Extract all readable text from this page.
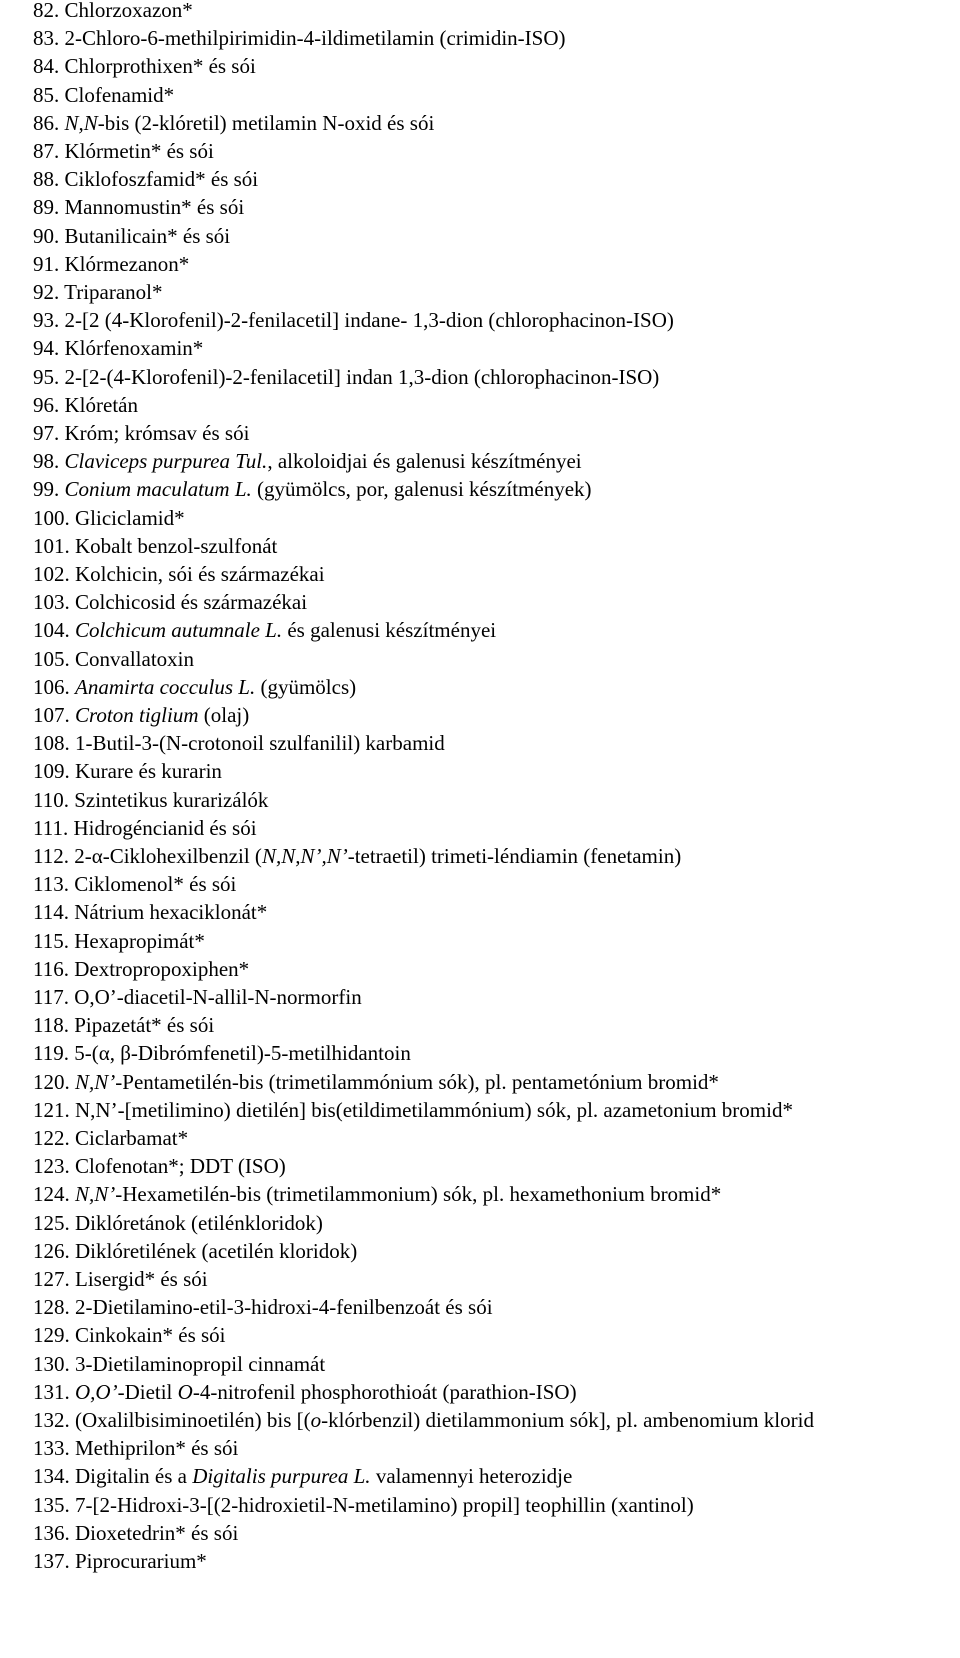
82. Chlorzoxazon*
83. 2-Chloro-6-methilpirimidin-4-ildimetilamin (crimidin-ISO)
84. Chlorprothixen* és sói
85. Clofenamid*
86. N,N-bis (2-klóretil) metilamin N-oxid és sói
87. Klórmetin* és sói
88. Ciklofoszfamid* és sói
89. Mannomustin* és sói
90. Butanilicain* és sói
91. Klórmezanon*
92. Triparanol*
93. 2-[2 (4-Klorofenil)-2-fenilacetil] indane- 1,3-dion (chlorophacinon-ISO)
94. Klórfenoxamin*
95. 2-[2-(4-Klorofenil)-2-fenilacetil] indan 1,3-dion (chlorophacinon-ISO)
96. Klóretán
97. Króm; krómsav és sói
98. Claviceps purpurea Tul., alkoloidjai és galenusi készítményei
99. Conium maculatum L. (gyümölcs, por, galenusi készítmények)
100. Gliciclamid*
101. Kobalt benzol-szulfonát
102. Kolchicin, sói és származékai
103. Colchicosid és származékai
104. Colchicum autumnale L. és galenusi készítményei
105. Convallatoxin
106. Anamirta cocculus L. (gyümölcs)
107. Croton tiglium (olaj)
108. 1-Butil-3-(N-crotonoil szulfanilil) karbamid
109. Kurare és kurarin
110. Szintetikus kurarizálók
111. Hidrogéncianid és sói
112. 2-α-Ciklohexilbenzil (N,N,N’,N’-tetraetil) trimeti-léndiamin (fenetamin)
113. Ciklomenol* és sói
114. Nátrium hexaciklonát*
115. Hexapropimát*
116. Dextropropoxiphen*
117. O,O’-diacetil-N-allil-N-normorfin
118. Pipazetát* és sói
119. 5-(α, β-Dibrómfenetil)-5-metilhidantoin
120. N,N’-Pentametilén-bis (trimetilammónium sók), pl. pentametónium bromid*
121. N,N’-[metilimino) dietilén] bis(etildimetilammónium) sók, pl. azametonium bromid*
122. Ciclarbamat*
123. Clofenotan*; DDT (ISO)
124. N,N’-Hexametilén-bis (trimetilammonium) sók, pl. hexamethonium bromid*
125. Diklóretánok (etilénkloridok)
126. Diklóretilének (acetilén kloridok)
127. Lisergid* és sói
128. 2-Dietilamino-etil-3-hidroxi-4-fenilbenzoát és sói
129. Cinkokain* és sói
130. 3-Dietilaminopropil cinnamát
131. O,O’-Dietil O-4-nitrofenil phosphorothioát (parathion-ISO)
132. (Oxalilbisiminoetilén) bis [(o-klórbenzil) dietilammonium sók], pl. ambenomium klorid
133. Methiprilon* és sói
134. Digitalin és a Digitalis purpurea L. valamennyi heterozidje
135. 7-[2-Hidroxi-3-[(2-hidroxietil-N-metilamino) propil] teophillin (xantinol)
136. Dioxetedrin* és sói
137. Piprocurarium*
